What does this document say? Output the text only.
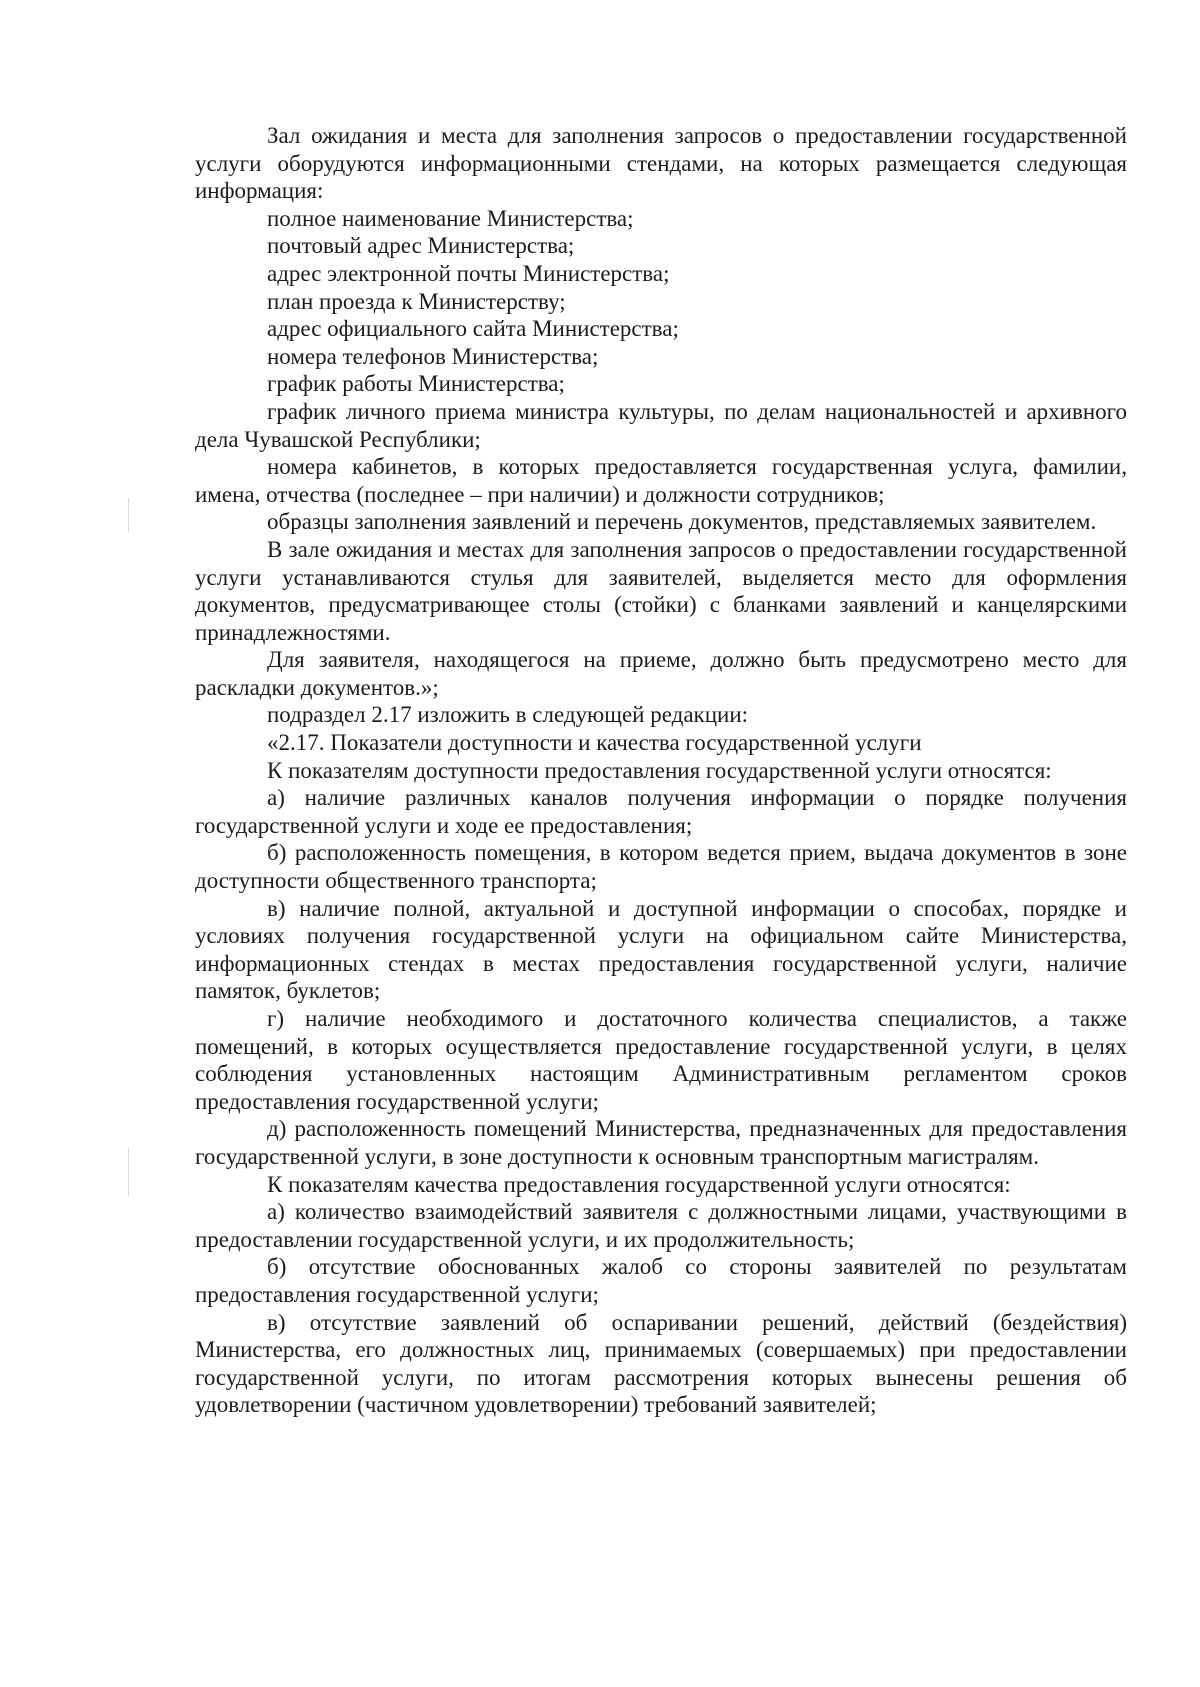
Зал ожидания и места для заполнения запросов о предоставлении государственной услуги оборудуются информационными стендами, на которых размещается следующая информация:

полное наименование Министерства;

почтовый адрес Министерства;

адрес электронной почты Министерства;

план проезда к Министерству;

адрес официального сайта Министерства;

номера телефонов Министерства;

график работы Министерства;

график личного приема министра культуры, по делам национальностей и архивного дела Чувашской Республики;

номера кабинетов, в которых предоставляется государственная услуга, фамилии, имена, отчества (последнее – при наличии) и должности сотрудников;

образцы заполнения заявлений и перечень документов, представляемых заявителем.

В зале ожидания и местах для заполнения запросов о предоставлении государственной услуги устанавливаются стулья для заявителей, выделяется место для оформления документов, предусматривающее столы (стойки) с бланками заявлений и канцелярскими принадлежностями.

Для заявителя, находящегося на приеме, должно быть предусмотрено место для раскладки документов.»;

подраздел 2.17 изложить в следующей редакции:

«2.17. Показатели доступности и качества государственной услуги

К показателям доступности предоставления государственной услуги относятся:

а) наличие различных каналов получения информации о порядке получения государственной услуги и ходе ее предоставления;

б) расположенность помещения, в котором ведется прием, выдача документов в зоне доступности общественного транспорта;

в) наличие полной, актуальной и доступной информации о способах, порядке и условиях получения государственной услуги на официальном сайте Министерства, информационных стендах в местах предоставления государственной услуги, наличие памяток, буклетов;

г) наличие необходимого и достаточного количества специалистов, а также помещений, в которых осуществляется предоставление государственной услуги, в целях соблюдения установленных настоящим Административным регламентом сроков предоставления государственной услуги;

д) расположенность помещений Министерства, предназначенных для предоставления государственной услуги, в зоне доступности к основным транспортным магистралям.

К показателям качества предоставления государственной услуги относятся:

а) количество взаимодействий заявителя с должностными лицами, участвующими в предоставлении государственной услуги, и их продолжительность;

б) отсутствие обоснованных жалоб со стороны заявителей по результатам предоставления государственной услуги;

в) отсутствие заявлений об оспаривании решений, действий (бездействия) Министерства, его должностных лиц, принимаемых (совершаемых) при предоставлении государственной услуги, по итогам рассмотрения которых вынесены решения об удовлетворении (частичном удовлетворении) требований заявителей;
